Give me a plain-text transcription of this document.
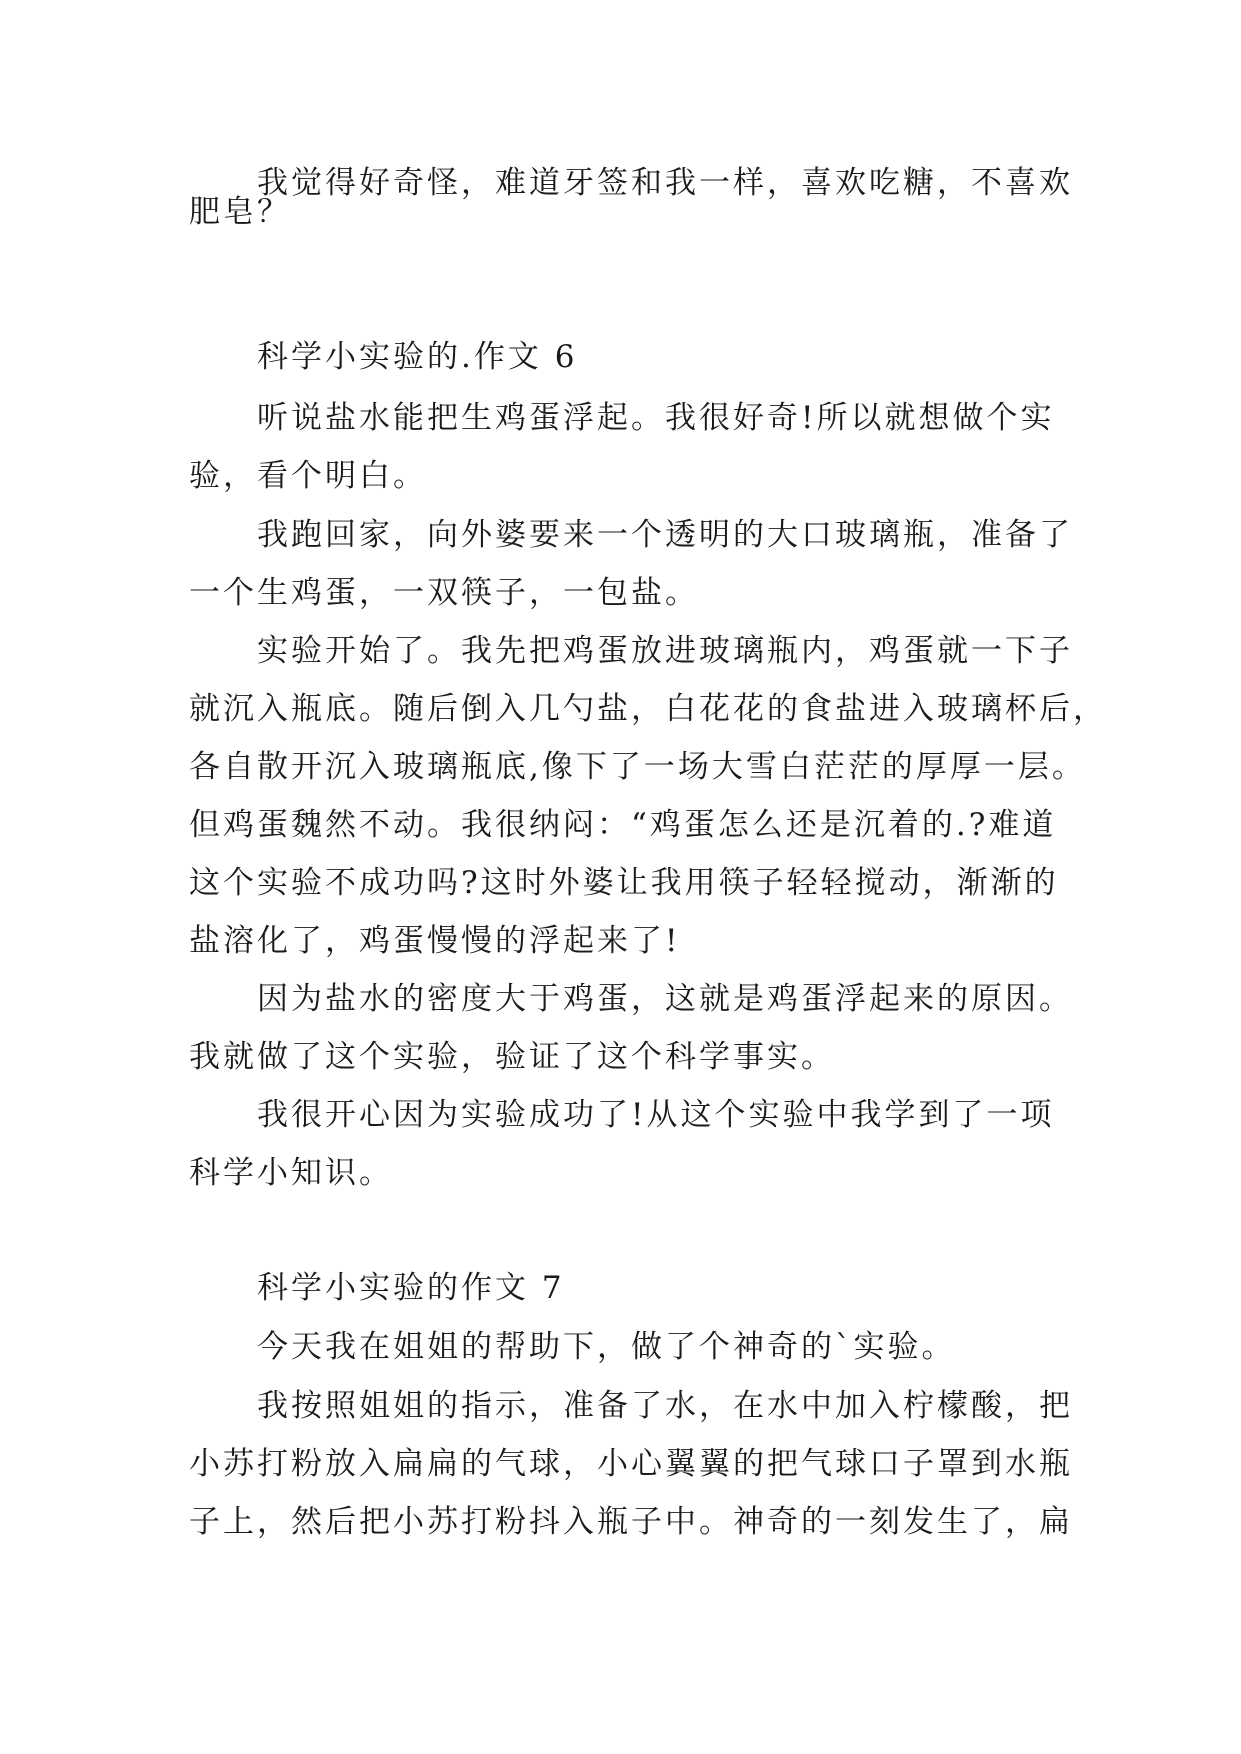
我觉得好奇怪，难道牙签和我一样，喜欢吃糖，不喜欢
肥皂？
科学小实验的.作文 6
听说盐水能把生鸡蛋浮起。我很好奇!所以就想做个实
验，看个明白。
我跑回家，向外婆要来一个透明的大口玻璃瓶，准备了
一个生鸡蛋，一双筷子，一包盐。
实验开始了。我先把鸡蛋放进玻璃瓶内，鸡蛋就一下子
就沉入瓶底。随后倒入几勺盐，白花花的食盐进入玻璃杯后，
各自散开沉入玻璃瓶底,像下了一场大雪白茫茫的厚厚一层。
但鸡蛋魏然不动。我很纳闷：“鸡蛋怎么还是沉着的.?难道
这个实验不成功吗?这时外婆让我用筷子轻轻搅动，渐渐的
盐溶化了，鸡蛋慢慢的浮起来了!
因为盐水的密度大于鸡蛋，这就是鸡蛋浮起来的原因。
我就做了这个实验，验证了这个科学事实。
我很开心因为实验成功了!从这个实验中我学到了一项
科学小知识。
科学小实验的作文 7
今天我在姐姐的帮助下，做了个神奇的`实验。
我按照姐姐的指示，准备了水，在水中加入柠檬酸，把
小苏打粉放入扁扁的气球，小心翼翼的把气球口子罩到水瓶
子上，然后把小苏打粉抖入瓶子中。神奇的一刻发生了，扁
